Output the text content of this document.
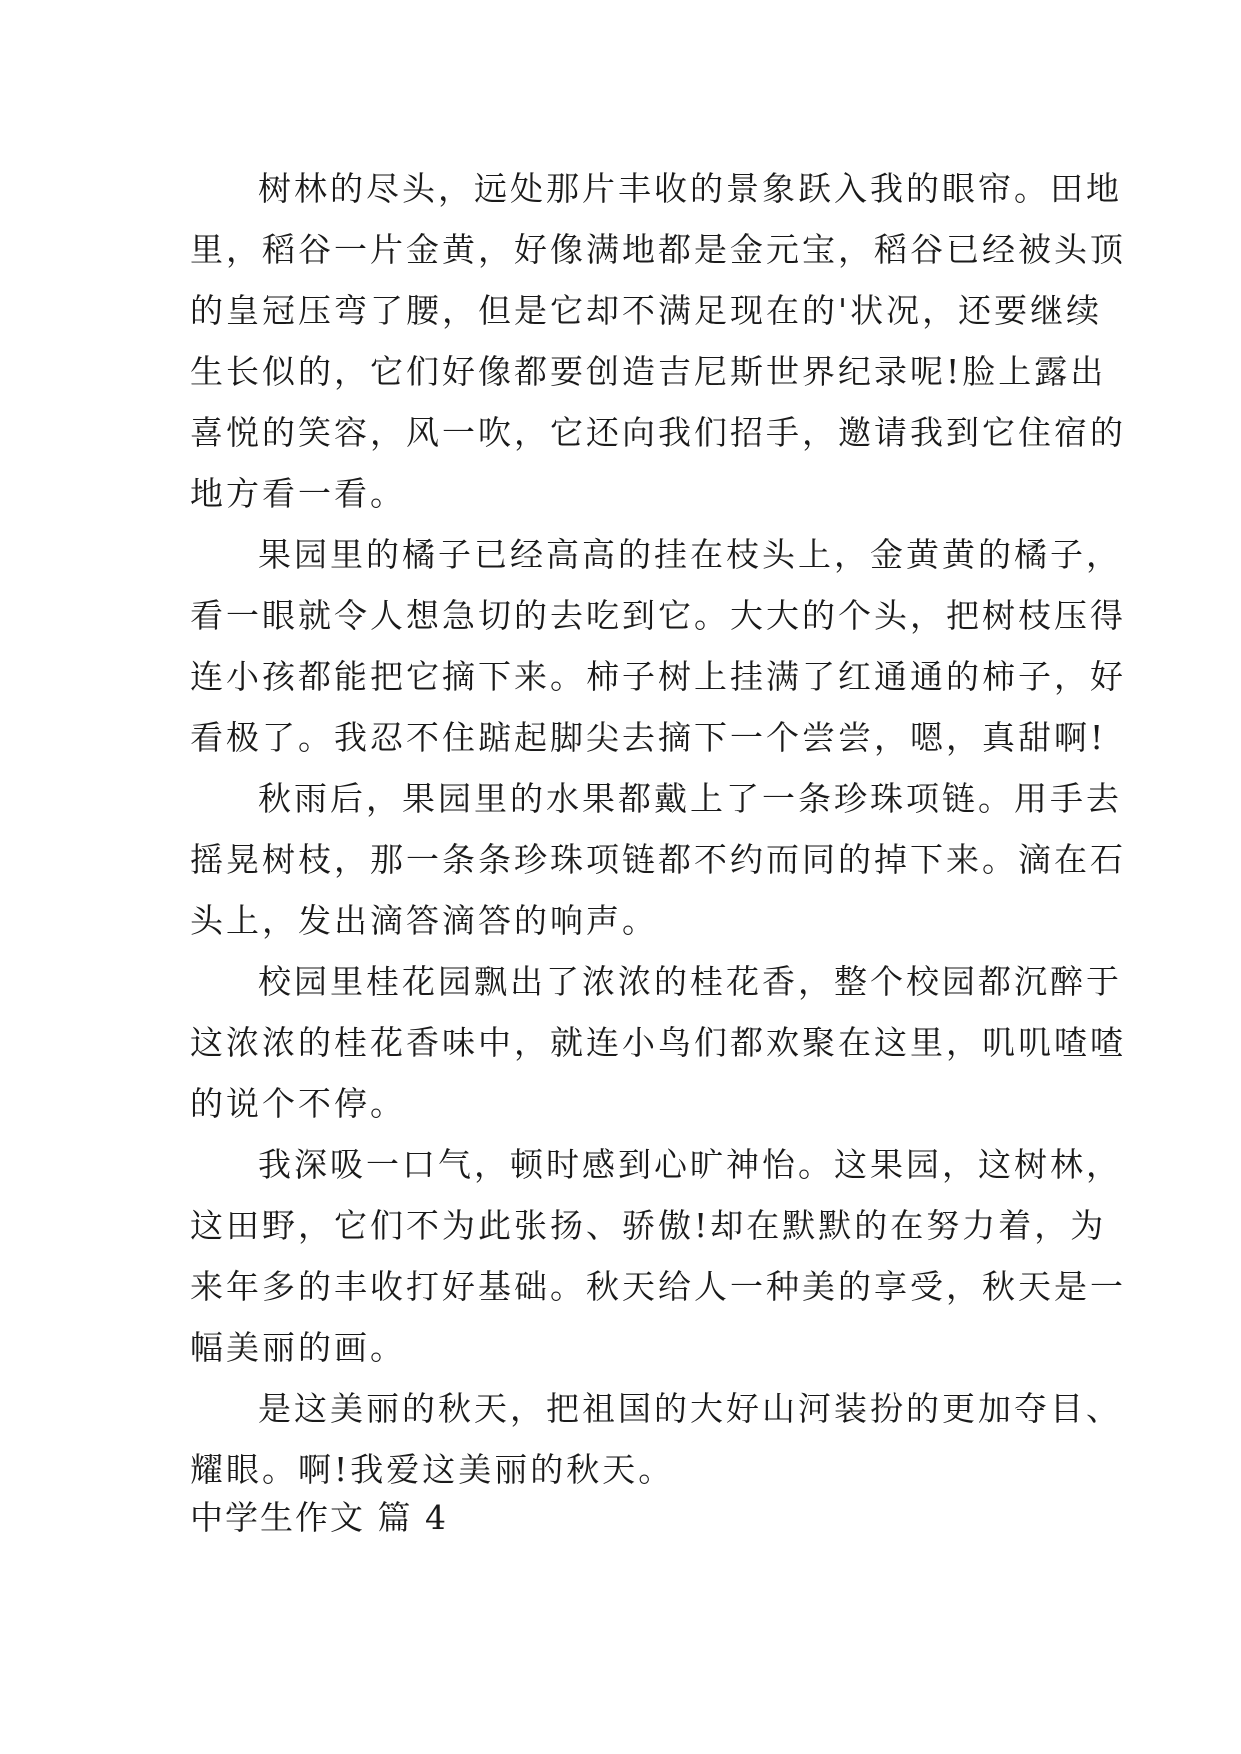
树林的尽头，远处那片丰收的景象跃入我的眼帘。田地
里，稻谷一片金黄，好像满地都是金元宝，稻谷已经被头顶
的皇冠压弯了腰，但是它却不满足现在的'状况，还要继续
生长似的，它们好像都要创造吉尼斯世界纪录呢!脸上露出
喜悦的笑容，风一吹，它还向我们招手，邀请我到它住宿的
地方看一看。
果园里的橘子已经高高的挂在枝头上，金黄黄的橘子，
看一眼就令人想急切的去吃到它。大大的个头，把树枝压得
连小孩都能把它摘下来。柿子树上挂满了红通通的柿子，好
看极了。我忍不住踮起脚尖去摘下一个尝尝，嗯，真甜啊!
秋雨后，果园里的水果都戴上了一条珍珠项链。用手去
摇晃树枝，那一条条珍珠项链都不约而同的掉下来。滴在石
头上，发出滴答滴答的响声。
校园里桂花园飘出了浓浓的桂花香，整个校园都沉醉于
这浓浓的桂花香味中，就连小鸟们都欢聚在这里，叽叽喳喳
的说个不停。
我深吸一口气，顿时感到心旷神怡。这果园，这树林，
这田野，它们不为此张扬、骄傲!却在默默的在努力着，为
来年多的丰收打好基础。秋天给人一种美的享受，秋天是一
幅美丽的画。
是这美丽的秋天，把祖国的大好山河装扮的更加夺目、
耀眼。啊!我爱这美丽的秋天。
中学生作文 篇 4
